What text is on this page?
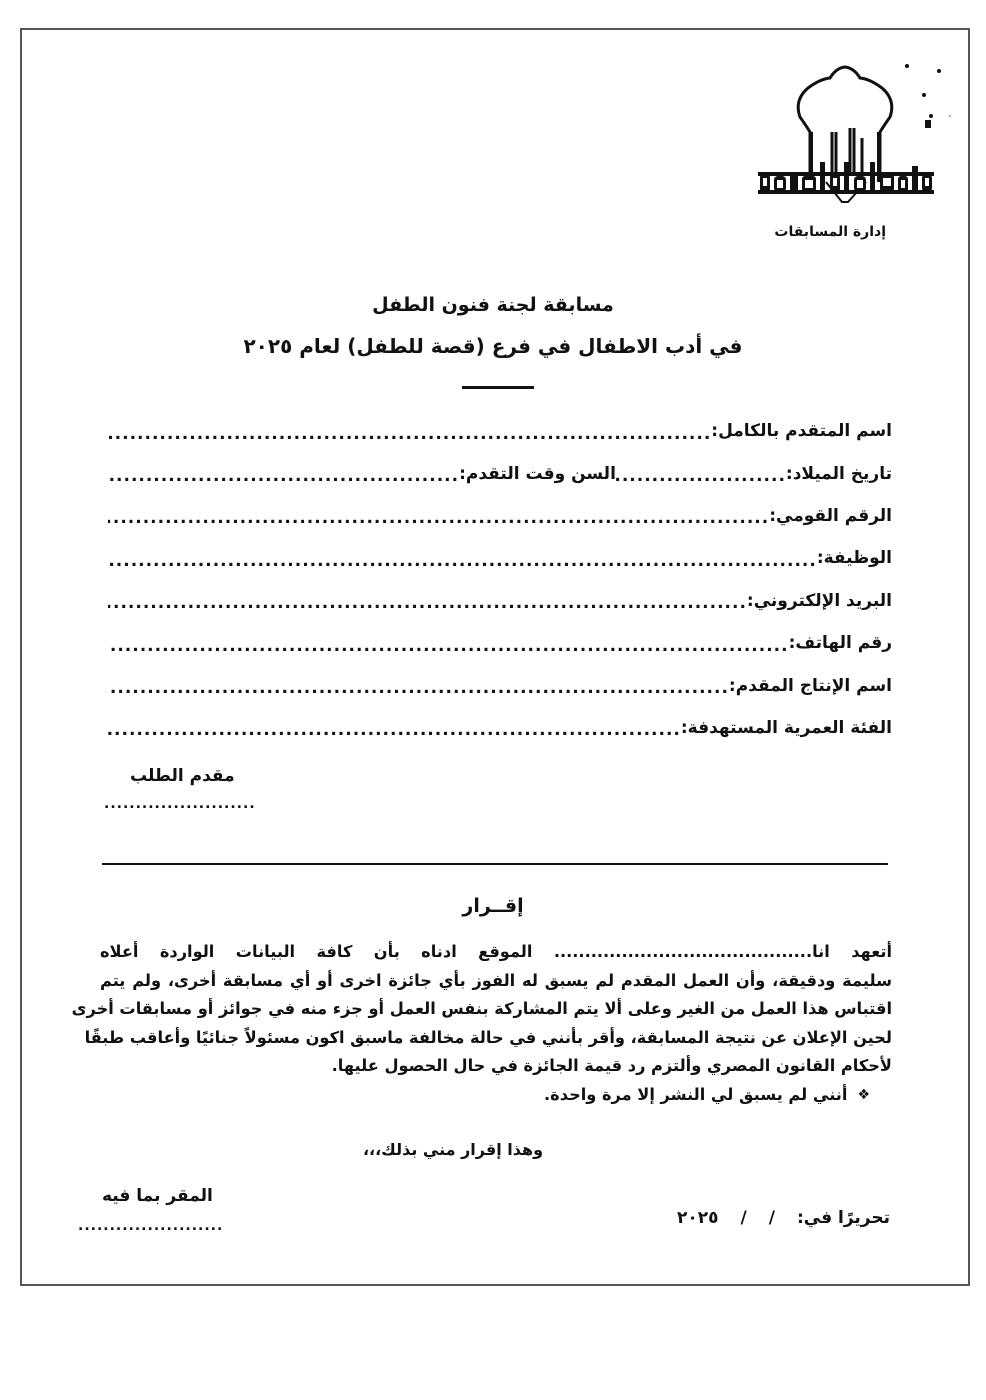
إدارة المسابقات
مسابقة لجنة فنون الطفل
في أدب الاطفال في فرع (قصة للطفل) لعام ٢٠٢٥
اسم المتقدم بالكامل:
.....
تاريخ الميلاد:
.....
السن وقت التقدم:
.....
الرقم القومي:
.....
الوظيفة:
.....
البريد الإلكتروني:
.....
رقم الهاتف:
.....
اسم الإنتاج المقدم:
.....
الفئة العمرية المستهدفة:
.....
مقدم الطلب
.....
إقــرار
أتعهد انا.......................................... الموقع ادناه بأن كافة البيانات الواردة أعلاه
سليمة ودقيقة، وأن العمل المقدم لم يسبق له الفوز بأي جائزة اخرى أو أي مسابقة أخرى، ولم يتم
اقتباس هذا العمل من الغير وعلى ألا يتم المشاركة بنفس العمل أو جزء منه في جوائز أو مسابقات أخرى
لحين الإعلان عن نتيجة المسابقة، وأقر بأنني في حالة مخالفة ماسبق اكون مسئولاً جنائيًا وأعاقب طبقًا
لأحكام القانون المصري وألتزم رد قيمة الجائزة في حال الحصول عليها.
❖
أنني لم يسبق لي النشر إلا مرة واحدة.
وهذا إقرار مني بذلك،،،
المقر بما فيه
.....
تحريرًا في:
/
/
٢٠٢٥
